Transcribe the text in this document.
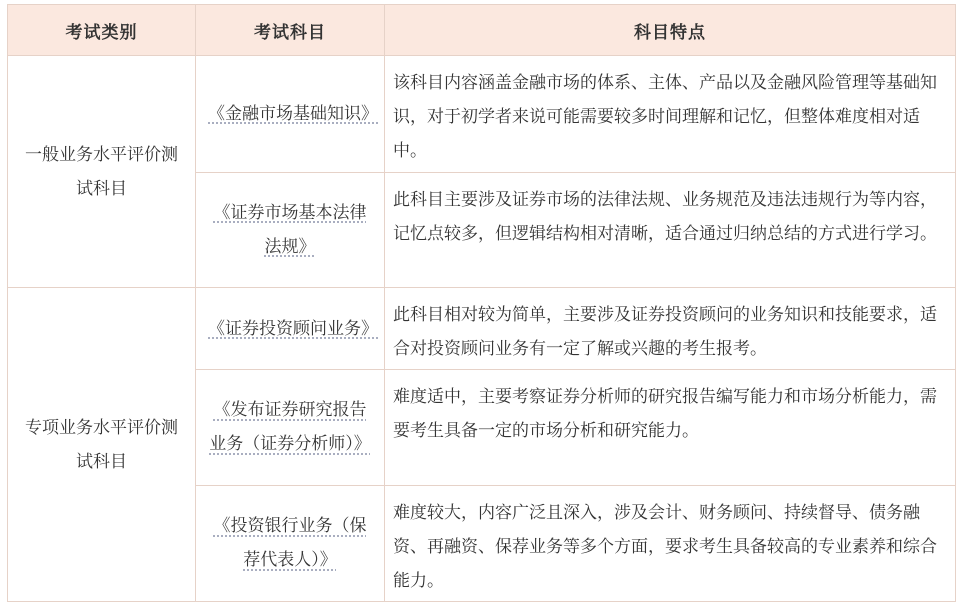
考试类别	考试科目	科目特点
一般业务水平评价测试科目	《金融市场基础知识》	该科目内容涵盖金融市场的体系、主体、产品以及金融风险管理等基础知识，对于初学者来说可能需要较多时间理解和记忆，但整体难度相对适中。
	《证券市场基本法律法规》	此科目主要涉及证券市场的法律法规、业务规范及违法违规行为等内容，记忆点较多，但逻辑结构相对清晰，适合通过归纳总结的方式进行学习。
专项业务水平评价测试科目	《证券投资顾问业务》	此科目相对较为简单，主要涉及证券投资顾问的业务知识和技能要求，适合对投资顾问业务有一定了解或兴趣的考生报考。
	《发布证券研究报告业务（证券分析师）》	难度适中，主要考察证券分析师的研究报告编写能力和市场分析能力，需要考生具备一定的市场分析和研究能力。
	《投资银行业务（保荐代表人）》	难度较大，内容广泛且深入，涉及会计、财务顾问、持续督导、债务融资、再融资、保荐业务等多个方面，要求考生具备较高的专业素养和综合能力。
